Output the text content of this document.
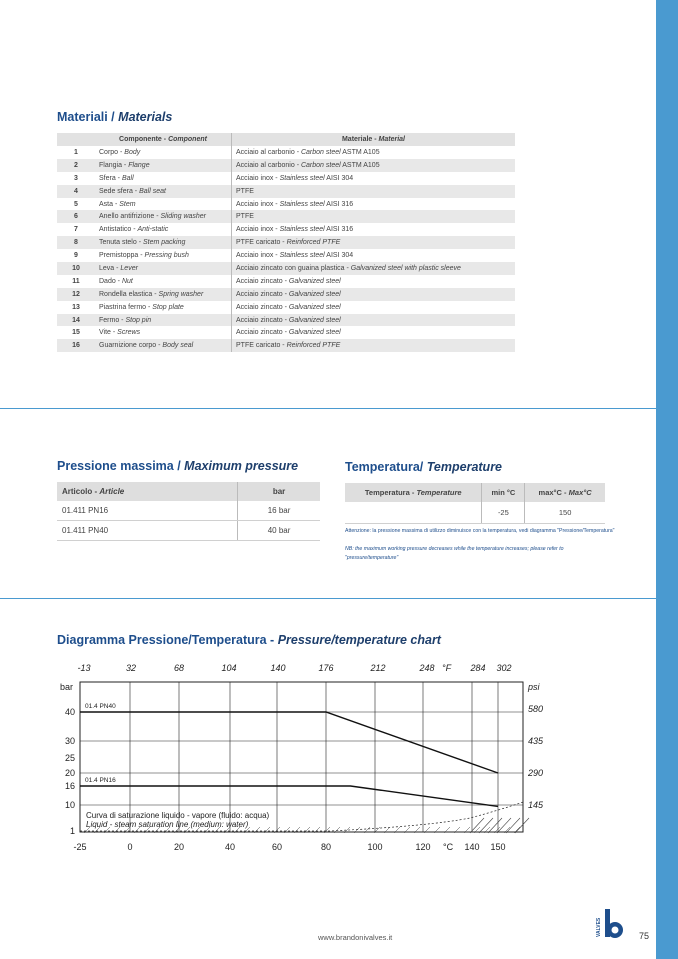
Materiali / Materials
	Componente - Component	Materiale - Material
1	Corpo - Body	Acciaio al carbonio - Carbon steel ASTM A105
2	Flangia - Flange	Acciaio al carbonio - Carbon steel ASTM A105
3	Sfera - Ball	Acciaio inox - Stainless steel AISI 304
4	Sede sfera - Ball seat	PTFE
5	Asta - Stem	Acciaio inox - Stainless steel AISI 316
6	Anello antifrizione - Sliding washer	PTFE
7	Antistatico - Anti-static	Acciaio inox - Stainless steel AISI 316
8	Tenuta stelo - Stem packing	PTFE caricato - Reinforced PTFE
9	Premistoppa - Pressing bush	Acciaio inox - Stainless steel AISI 304
10	Leva - Lever	Acciaio zincato con guaina plastica - Galvanized steel with plastic sleeve
11	Dado - Nut	Acciaio zincato - Galvanized steel
12	Rondella elastica - Spring washer	Acciaio zincato - Galvanized steel
13	Piastrina fermo - Stop plate	Acciaio zincato - Galvanized steel
14	Fermo - Stop pin	Acciaio zincato - Galvanized steel
15	Vite - Screws	Acciaio zincato - Galvanized steel
16	Guarnizione corpo - Body seal	PTFE caricato - Reinforced PTFE
Pressione massima / Maximum pressure
Articolo - Article	bar
01.411 PN16	16 bar
01.411 PN40	40 bar
Temperatura/ Temperature
Temperatura - Temperature	min °C	max°C - Max°C
	-25	150
Attenzione: la pressione massima di utilizzo diminuisce con la temperatura, vedi diagramma "Pressione/Temperatura"
NB: the maximum working pressure decreases while the temperature increases; please refer to "pressure/temperature"
Diagramma Pressione/Temperatura - Pressure/temperature chart
-25	0	20	40	60	80	100	120	140 150
-13	32	68	104	140	176	212	248	284 302
1
10
16
20
25
30
40
145
290
435
580
01.4 PN40
01.4 PN16
bar	psi
°F
°C
Curva di saturazione liquido - vapore (fluido: acqua)
Liquid - steam saturation line (medium: water)
www.brandonivalves.it	75
VALVES
